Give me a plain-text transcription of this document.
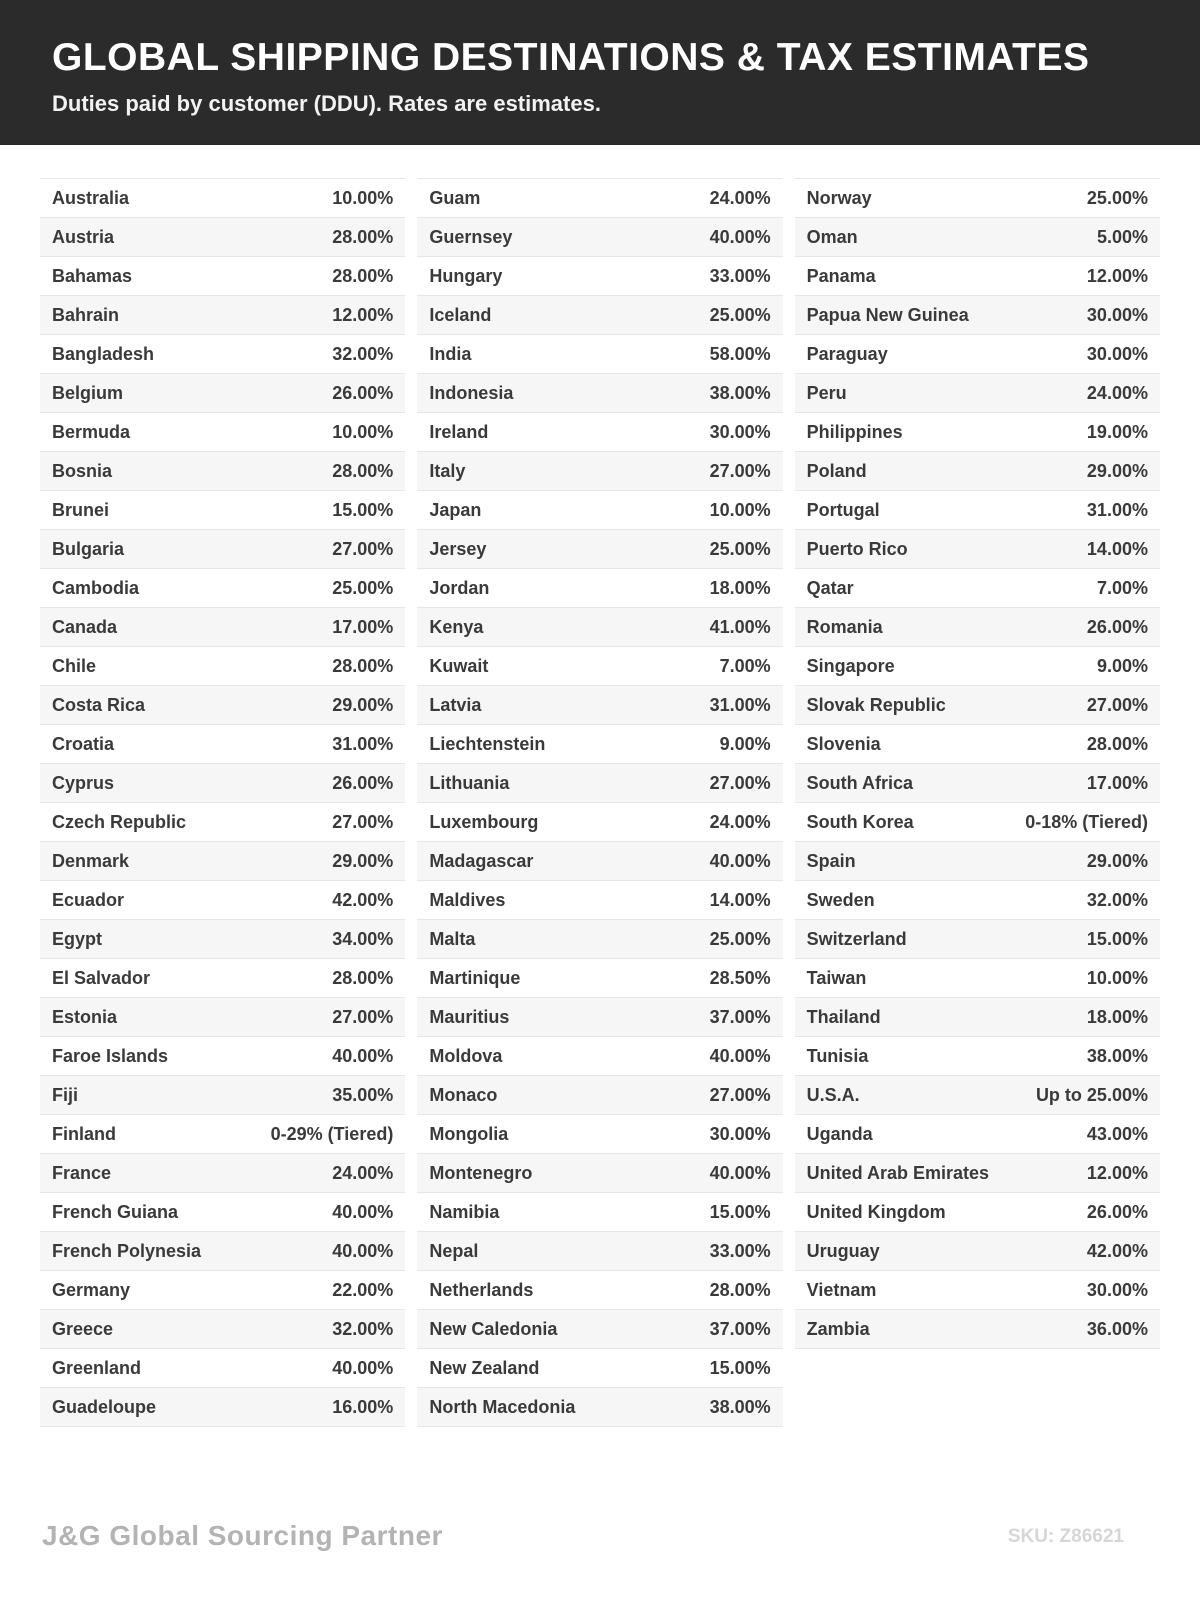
GLOBAL SHIPPING DESTINATIONS & TAX ESTIMATES

Duties paid by customer (DDU). Rates are estimates.

Australia	10.00%
Austria	28.00%
Bahamas	28.00%
Bahrain	12.00%
Bangladesh	32.00%
Belgium	26.00%
Bermuda	10.00%
Bosnia	28.00%
Brunei	15.00%
Bulgaria	27.00%
Cambodia	25.00%
Canada	17.00%
Chile	28.00%
Costa Rica	29.00%
Croatia	31.00%
Cyprus	26.00%
Czech Republic	27.00%
Denmark	29.00%
Ecuador	42.00%
Egypt	34.00%
El Salvador	28.00%
Estonia	27.00%
Faroe Islands	40.00%
Fiji	35.00%
Finland	0-29% (Tiered)
France	24.00%
French Guiana	40.00%
French Polynesia	40.00%
Germany	22.00%
Greece	32.00%
Greenland	40.00%
Guadeloupe	16.00%
Guam	24.00%
Guernsey	40.00%
Hungary	33.00%
Iceland	25.00%
India	58.00%
Indonesia	38.00%
Ireland	30.00%
Italy	27.00%
Japan	10.00%
Jersey	25.00%
Jordan	18.00%
Kenya	41.00%
Kuwait	7.00%
Latvia	31.00%
Liechtenstein	9.00%
Lithuania	27.00%
Luxembourg	24.00%
Madagascar	40.00%
Maldives	14.00%
Malta	25.00%
Martinique	28.50%
Mauritius	37.00%
Moldova	40.00%
Monaco	27.00%
Mongolia	30.00%
Montenegro	40.00%
Namibia	15.00%
Nepal	33.00%
Netherlands	28.00%
New Caledonia	37.00%
New Zealand	15.00%
North Macedonia	38.00%
Norway	25.00%
Oman	5.00%
Panama	12.00%
Papua New Guinea	30.00%
Paraguay	30.00%
Peru	24.00%
Philippines	19.00%
Poland	29.00%
Portugal	31.00%
Puerto Rico	14.00%
Qatar	7.00%
Romania	26.00%
Singapore	9.00%
Slovak Republic	27.00%
Slovenia	28.00%
South Africa	17.00%
South Korea	0-18% (Tiered)
Spain	29.00%
Sweden	32.00%
Switzerland	15.00%
Taiwan	10.00%
Thailand	18.00%
Tunisia	38.00%
U.S.A.	Up to 25.00%
Uganda	43.00%
United Arab Emirates	12.00%
United Kingdom	26.00%
Uruguay	42.00%
Vietnam	30.00%
Zambia	36.00%
J&G Global Sourcing Partner	SKU: Z86621
